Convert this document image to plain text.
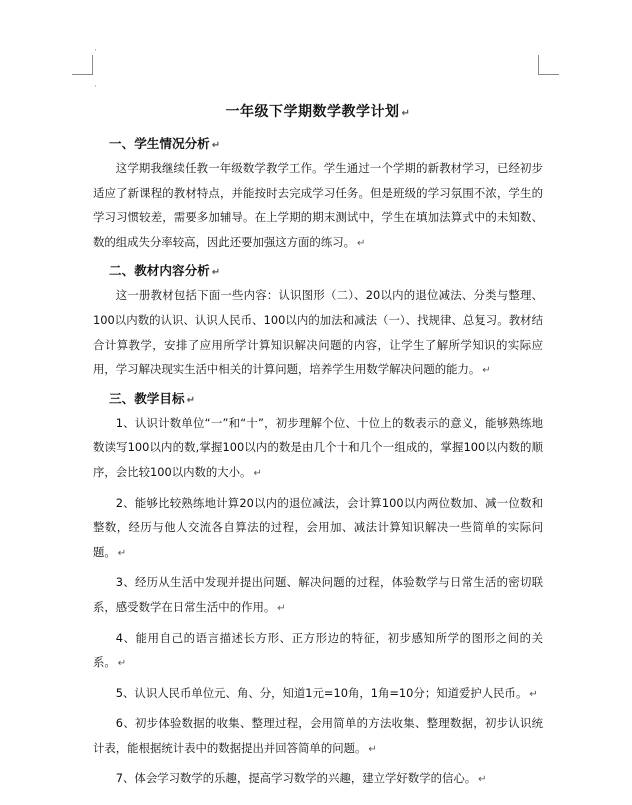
·
·
一年级下学期数学教学计划 ↵
一、学生情况分析 ↵

这学期我继续任教一年级数学教学工作。学生通过一个学期的新教材学习，已经初步适应了新课程的教材特点，并能按时去完成学习任务。但是班级的学习氛围不浓，学生的学习习惯较差，需要多加辅导。在上学期的期末测试中，学生在填加法算式中的未知数、数的组成失分率较高，因此还要加强这方面的练习。 ↵

二、教材内容分析 ↵

这一册教材包括下面一些内容：认识图形（二）、20以内的退位减法、分类与整理、100以内数的认识、认识人民币、100以内的加法和减法（一）、找规律、总复习。教材结合计算教学，安排了应用所学计算知识解决问题的内容，让学生了解所学知识的实际应用，学习解决现实生活中相关的计算问题，培养学生用数学解决问题的能力。 ↵

三、教学目标 ↵

1、认识计数单位“一”和“十”，初步理解个位、十位上的数表示的意义，能够熟练地数读写100以内的数,掌握100以内的数是由几个十和几个一组成的，掌握100以内数的顺序，会比较100以内数的大小。 ↵

2、能够比较熟练地计算20以内的退位减法，会计算100以内两位数加、减一位数和整数，经历与他人交流各自算法的过程，会用加、减法计算知识解决一些简单的实际问题。 ↵

3、经历从生活中发现并提出问题、解决问题的过程，体验数学与日常生活的密切联系，感受数学在日常生活中的作用。 ↵

4、能用自己的语言描述长方形、正方形边的特征，初步感知所学的图形之间的关系。 ↵

5、认识人民币单位元、角、分，知道1元=10角，1角=10分；知道爱护人民币。 ↵

6、初步体验数据的收集、整理过程，会用简单的方法收集、整理数据，初步认识统计表，能根据统计表中的数据提出并回答简单的问题。 ↵

7、体会学习数学的乐趣，提高学习数学的兴趣，建立学好数学的信心。 ↵
